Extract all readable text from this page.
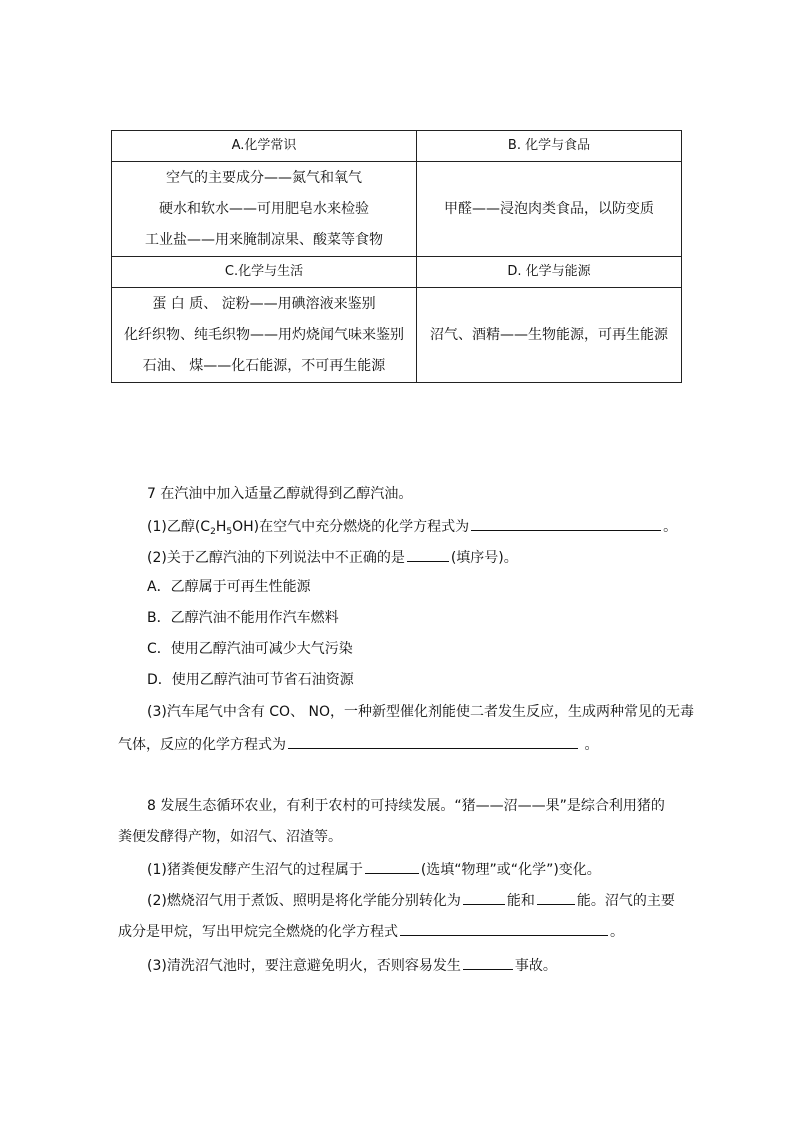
A.化学常识	B. 化学与食品

空气的主要成分——氮气和氧气
硬水和软水——可用肥皂水来检验
工业盐——用来腌制凉果、酸菜等食物	甲醛——浸泡肉类食品，以防变质

C.化学与生活	D. 化学与能源

蛋 白 质、 淀粉——用碘溶液来鉴别
化纤织物、纯毛织物——用灼烧闻气味来鉴别
石油、 煤——化石能源，不可再生能源	沼气、酒精——生物能源，可再生能源
7 在汽油中加入适量乙醇就得到乙醇汽油。
(1)乙醇$(C_2H_5OH)$在空气中充分燃烧的化学方程式为	。
(2)关于乙醇汽油的下列说法中不正确的是	(填序号)。
A．乙醇属于可再生性能源
B．乙醇汽油不能用作汽车燃料
C．使用乙醇汽油可减少大气污染
D．使用乙醇汽油可节省石油资源
(3)汽车尾气中含有 CO、 NO，一种新型催化剂能使二者发生反应，生成两种常见的无毒
气体，反应的化学方程式为	。
8 发展生态循环农业，有利于农村的可持续发展。“猪——沼——果”是综合利用猪的
粪便发酵得产物，如沼气、沼渣等。
(1)猪粪便发酵产生沼气的过程属于	(选填“物理”或“化学”)变化。
(2)燃烧沼气用于煮饭、照明是将化学能分别转化为	能和	能。沼气的主要
成分是甲烷，写出甲烷完全燃烧的化学方程式	。
(3)清洗沼气池时，要注意避免明火，否则容易发生	事故。
